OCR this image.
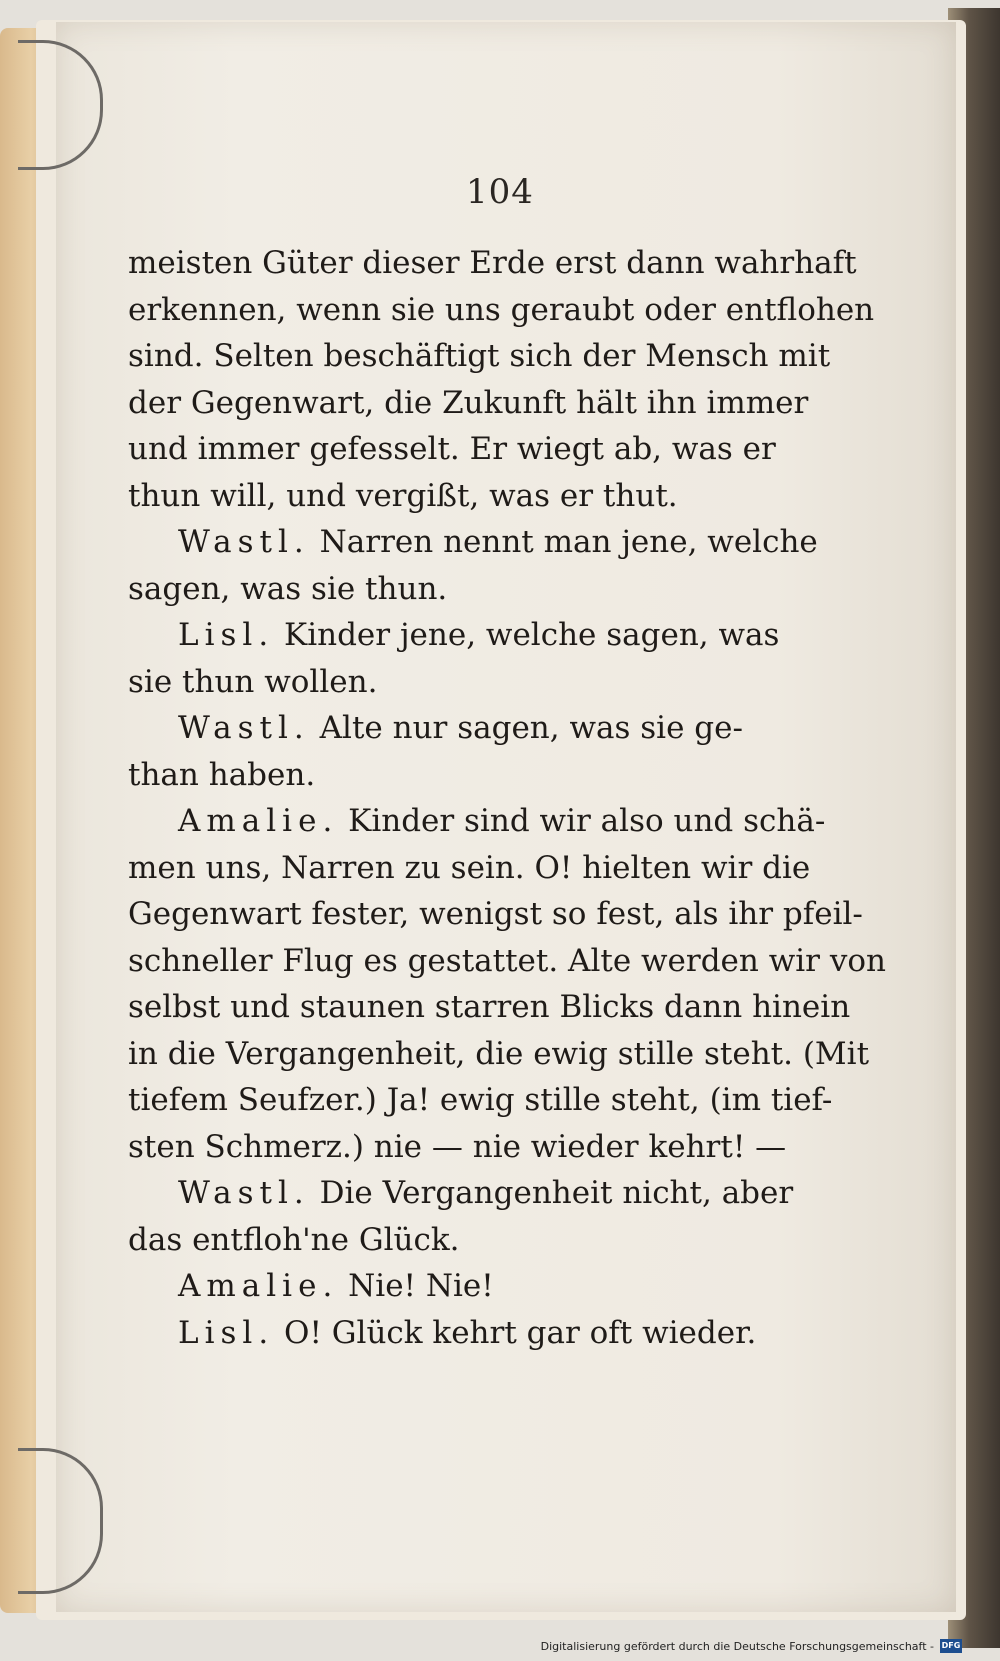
104
meisten Güter dieser Erde erst dann wahrhaft
erkennen, wenn sie uns geraubt oder entflohen
sind. Selten beschäftigt sich der Mensch mit
der Gegenwart, die Zukunft hält ihn immer
und immer gefesselt. Er wiegt ab, was er
thun will, und vergißt, was er thut.
Wastl. Narren nennt man jene, welche
sagen, was sie thun.
Lisl. Kinder jene, welche sagen, was
sie thun wollen.
Wastl. Alte nur sagen, was sie ge-
than haben.
Amalie. Kinder sind wir also und schä-
men uns, Narren zu sein. O! hielten wir die
Gegenwart fester, wenigst so fest, als ihr pfeil-
schneller Flug es gestattet. Alte werden wir von
selbst und staunen starren Blicks dann hinein
in die Vergangenheit, die ewig stille steht. (Mit
tiefem Seufzer.) Ja! ewig stille steht, (im tief-
sten Schmerz.) nie — nie wieder kehrt! —
Wastl. Die Vergangenheit nicht, aber
das entfloh'ne Glück.
Amalie. Nie! Nie!
Lisl. O! Glück kehrt gar oft wieder.
Digitalisierung gefördert durch die Deutsche Forschungsgemeinschaft - DFG
